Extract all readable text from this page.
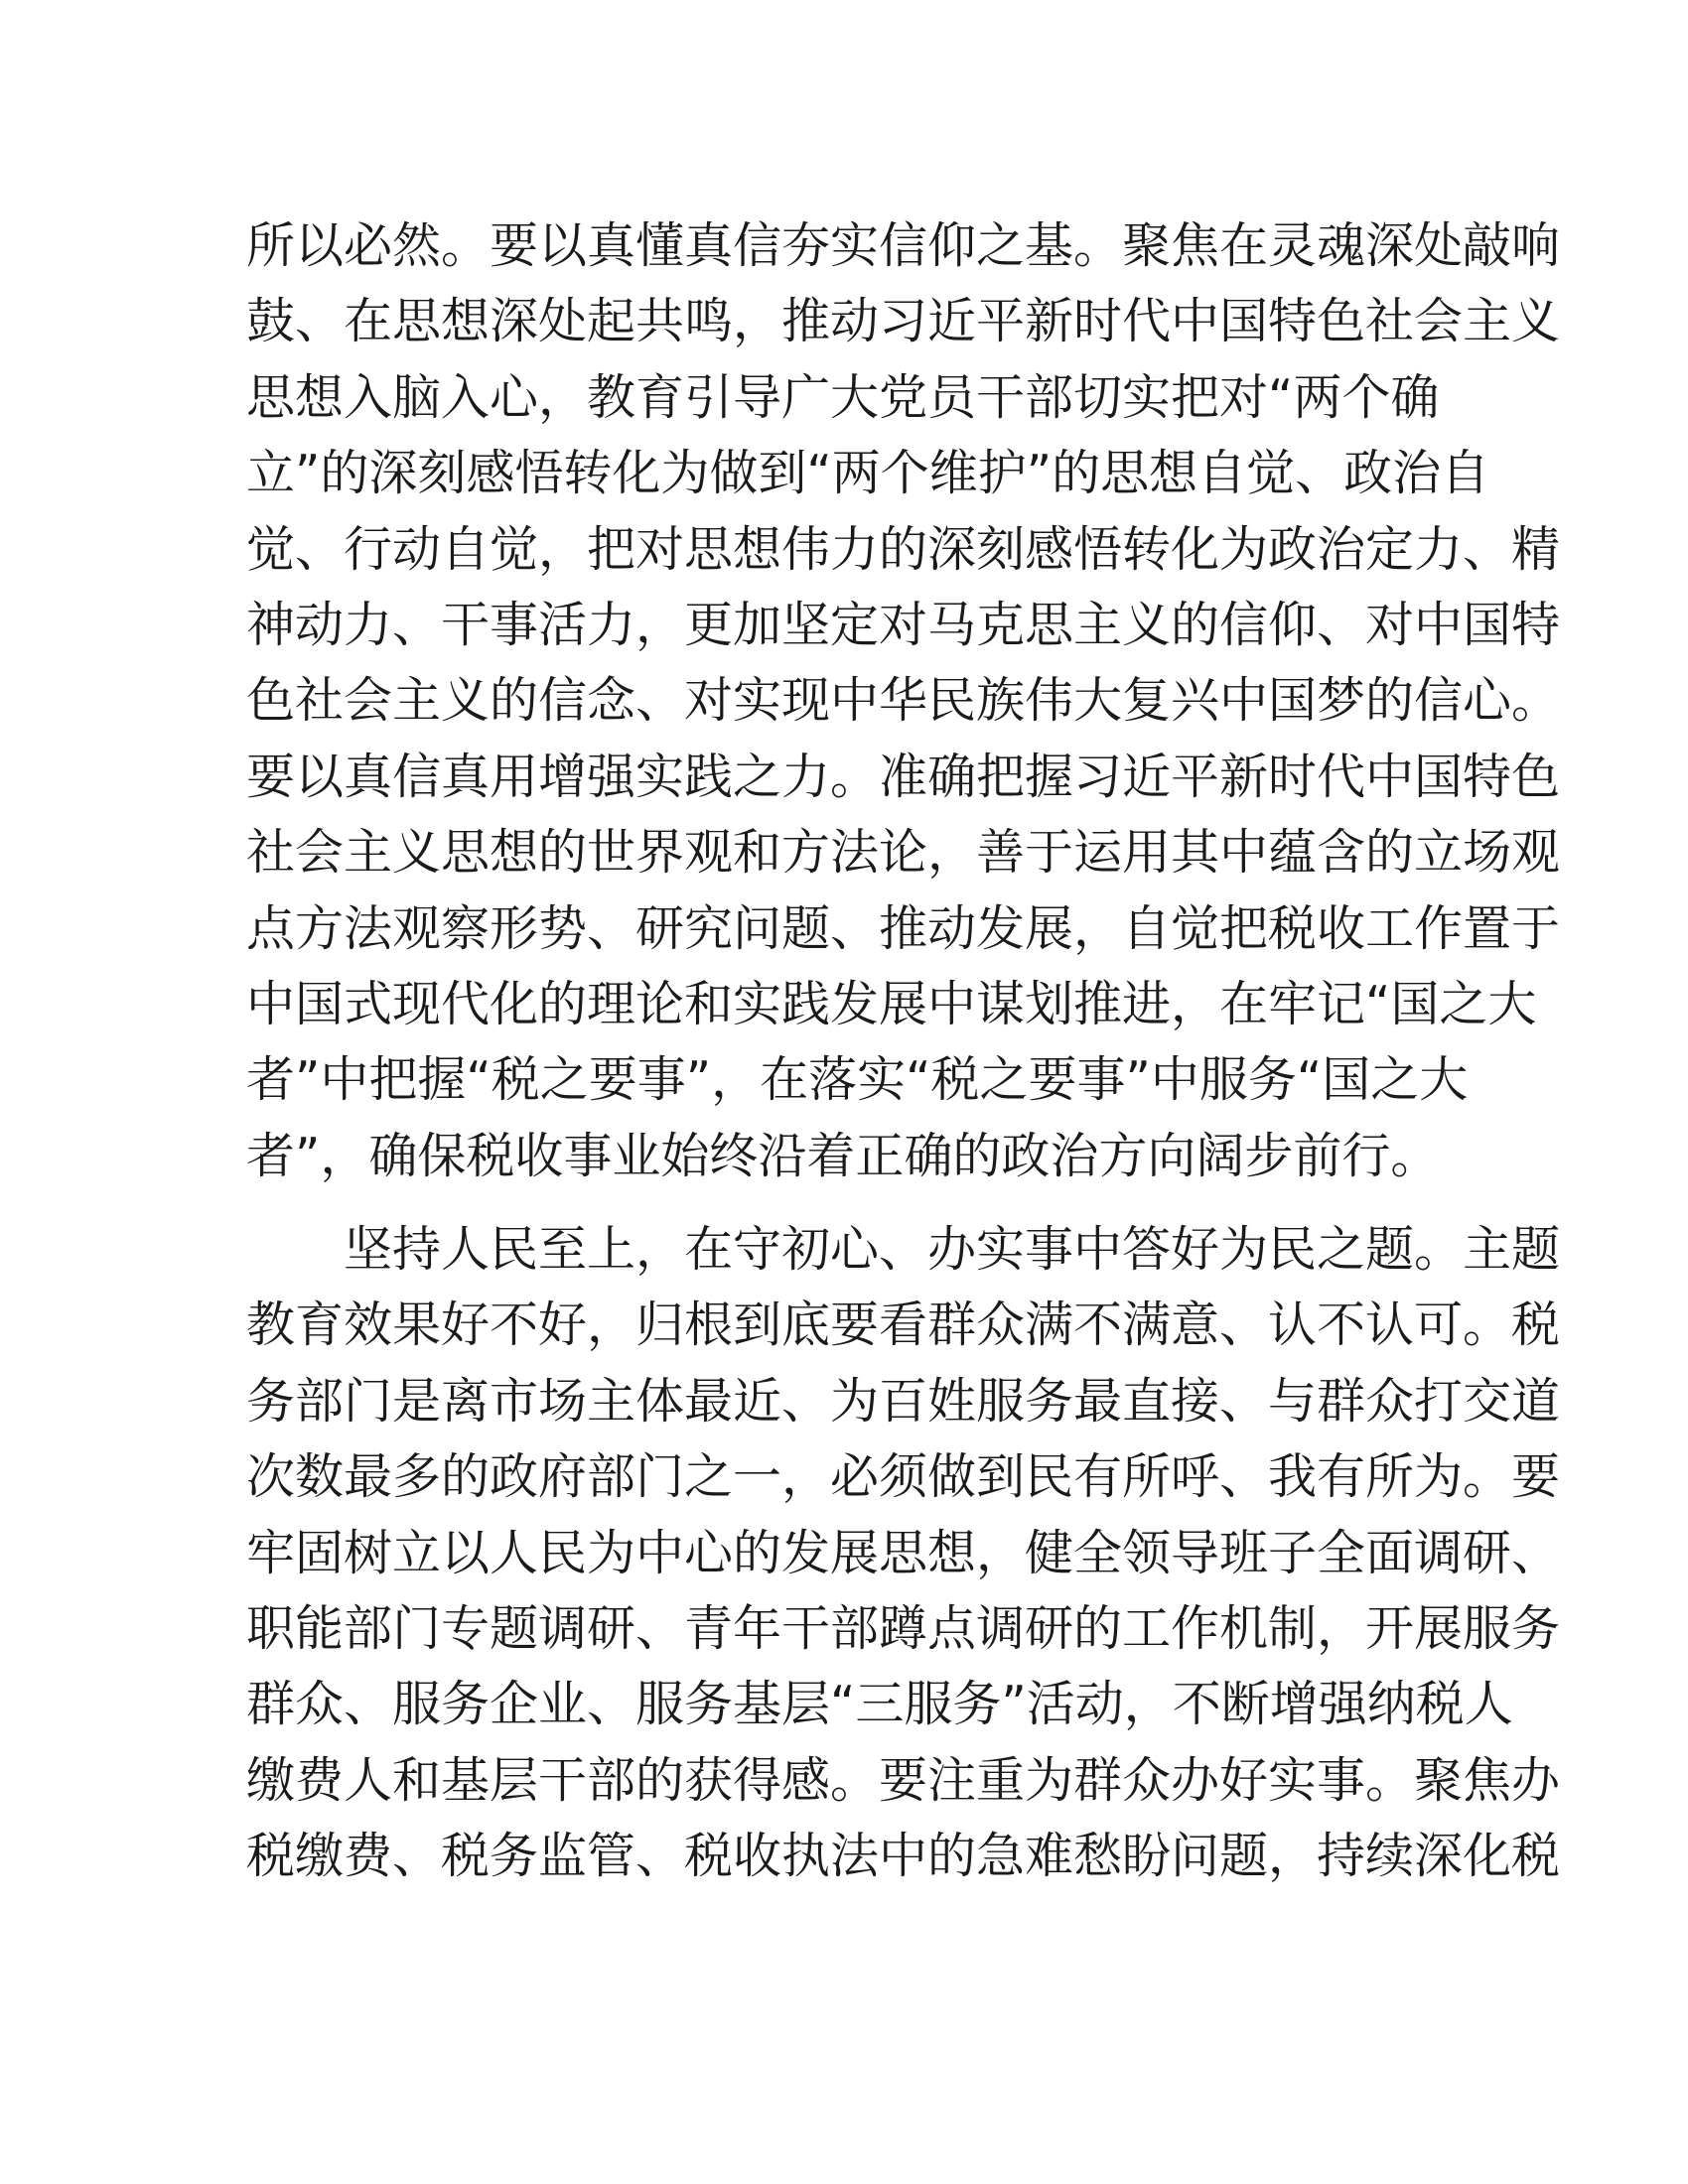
所以必然。要以真懂真信夯实信仰之基。聚焦在灵魂深处敲响
鼓、在思想深处起共鸣，推动习近平新时代中国特色社会主义
思想入脑入心，教育引导广大党员干部切实把对“两个确
立”的深刻感悟转化为做到“两个维护”的思想自觉、政治自
觉、行动自觉，把对思想伟力的深刻感悟转化为政治定力、精
神动力、干事活力，更加坚定对马克思主义的信仰、对中国特
色社会主义的信念、对实现中华民族伟大复兴中国梦的信心。
要以真信真用增强实践之力。准确把握习近平新时代中国特色
社会主义思想的世界观和方法论，善于运用其中蕴含的立场观
点方法观察形势、研究问题、推动发展，自觉把税收工作置于
中国式现代化的理论和实践发展中谋划推进，在牢记“国之大
者”中把握“税之要事”，在落实“税之要事”中服务“国之大
者”，确保税收事业始终沿着正确的政治方向阔步前行。
坚持人民至上，在守初心、办实事中答好为民之题。主题
教育效果好不好，归根到底要看群众满不满意、认不认可。税
务部门是离市场主体最近、为百姓服务最直接、与群众打交道
次数最多的政府部门之一，必须做到民有所呼、我有所为。要
牢固树立以人民为中心的发展思想，健全领导班子全面调研、
职能部门专题调研、青年干部蹲点调研的工作机制，开展服务
群众、服务企业、服务基层“三服务”活动，不断增强纳税人
缴费人和基层干部的获得感。要注重为群众办好实事。聚焦办
税缴费、税务监管、税收执法中的急难愁盼问题，持续深化税
